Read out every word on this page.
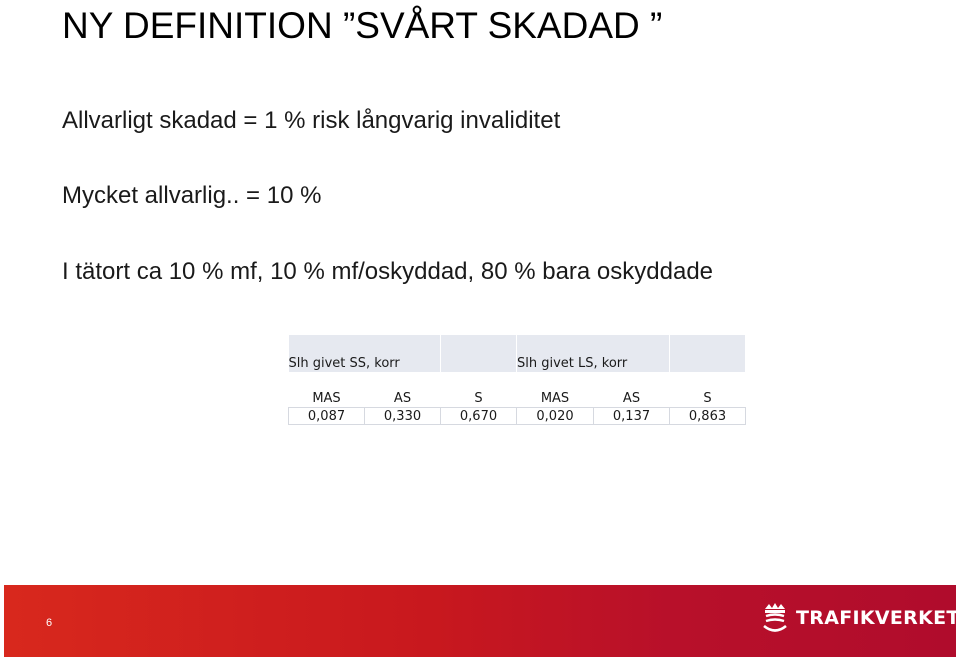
NY DEFINITION ”SVÅRT SKADAD ”
Allvarligt skadad = 1 % risk långvarig invaliditet
Mycket allvarlig.. = 10 %
I tätort ca 10 % mf, 10 % mf/oskyddad, 80 % bara oskyddade
Slh givet SS, korr			Slh givet LS, korr		

MAS	AS	S	MAS	AS	S
0,087	0,330	0,670	0,020	0,137	0,863
6	TRAFIKVERKET
